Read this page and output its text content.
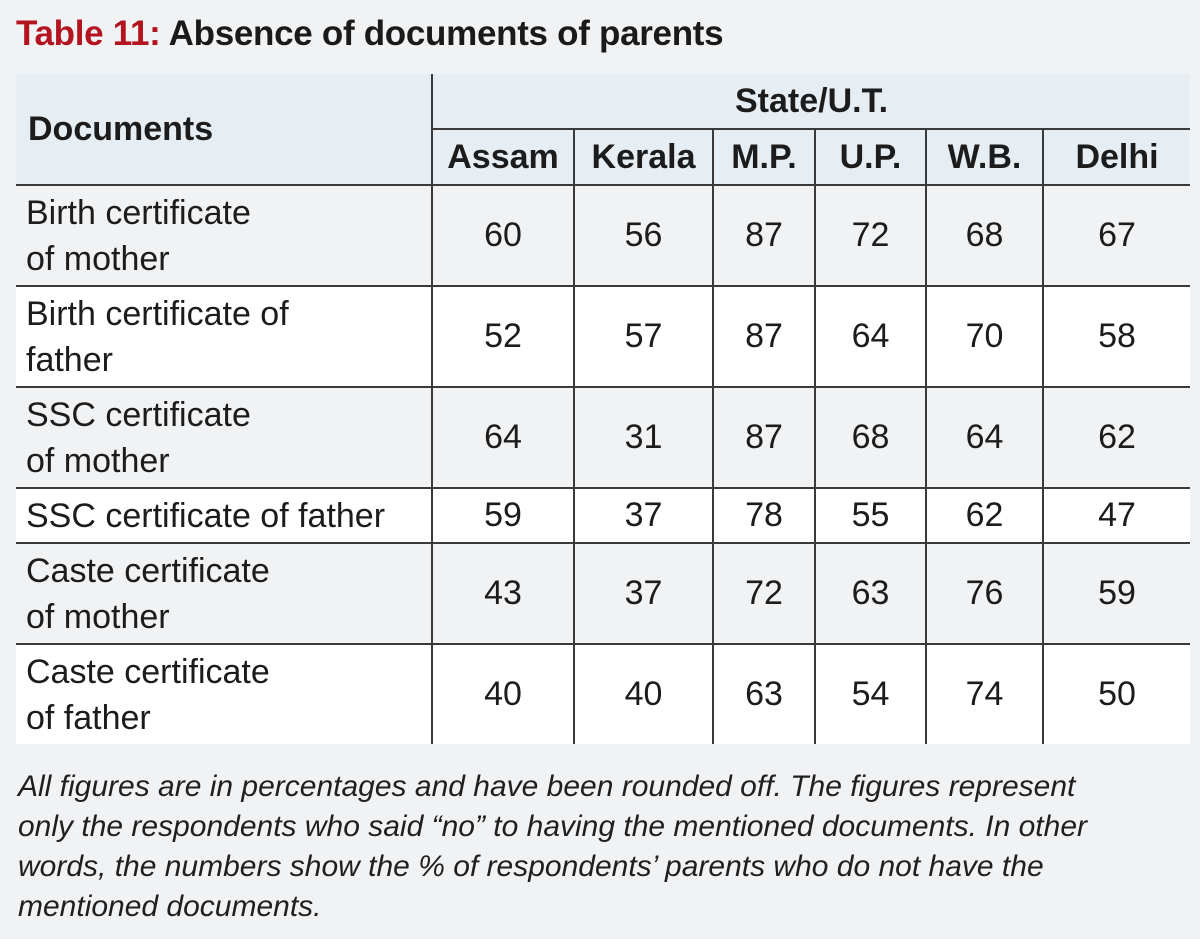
Table 11: Absence of documents of parents
Documents	State/U.T.					
	Assam	Kerala	M.P.	U.P.	W.B.	Delhi

Birth certificate
of mother	60	56	87	72	68	67

Birth certificate of
father	52	57	87	64	70	58

SSC certificate
of mother	64	31	87	68	64	62

SSC certificate of father	59	37	78	55	62	47

Caste certificate
of mother	43	37	72	63	76	59

Caste certificate
of father	40	40	63	54	74	50
All figures are in percentages and have been rounded off. The figures represent
only the respondents who said “no” to having the mentioned documents. In other
words, the numbers show the % of respondents’ parents who do not have the
mentioned documents.
